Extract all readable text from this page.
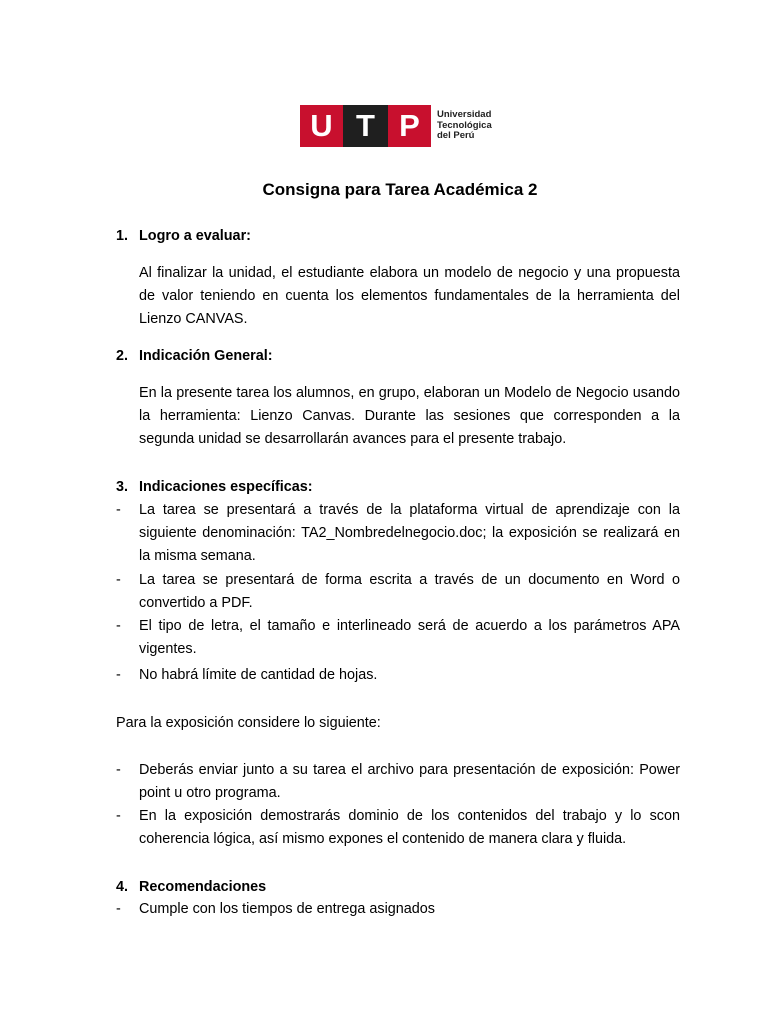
U T P	Universidad
Tecnológica
del Perú
Consigna para Tarea Académica 2
1. Logro a evaluar:

Al finalizar la unidad, el estudiante elabora un modelo de negocio y una propuesta de valor teniendo en cuenta los elementos fundamentales de la herramienta del Lienzo CANVAS.

2. Indicación General:

En la presente tarea los alumnos, en grupo, elaboran un Modelo de Negocio usando la herramienta: Lienzo Canvas. Durante las sesiones que corresponden a la segunda unidad se desarrollarán avances para el presente trabajo.

3. Indicaciones específicas:
-	La tarea se presentará a través de la plataforma virtual de aprendizaje con la siguiente denominación: TA2_Nombredelnegocio.doc; la exposición se realizará en la misma semana.
-	La tarea se presentará de forma escrita a través de un documento en Word o convertido a PDF.
-	El tipo de letra, el tamaño e interlineado será de acuerdo a los parámetros APA vigentes.
-	No habrá límite de cantidad de hojas.

Para la exposición considere lo siguiente:

-	Deberás enviar junto a su tarea el archivo para presentación de exposición: Power point u otro programa.
-	En la exposición demostrarás dominio de los contenidos del trabajo y lo scon coherencia lógica, así mismo expones el contenido de manera clara y fluida.
4. Recomendaciones
-	Cumple con los tiempos de entrega asignados
